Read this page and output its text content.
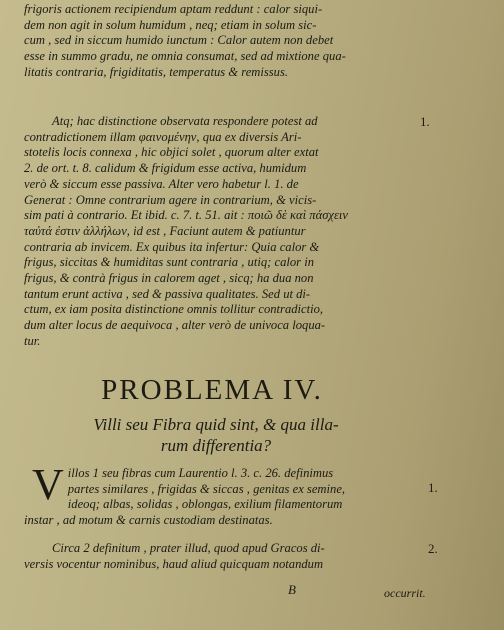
frigoris actionem recipiendum aptam reddunt : calor siqui-
dem non agit in solum humidum , neq; etiam in solum sic-
cum , sed in siccum humido iunctum : Calor autem non debet
esse in summo gradu, ne omnia consumat, sed ad mixtione qua-
litatis contraria, frigiditatis, temperatus & remissus.
Atq; hac distinctione observata respondere potest ad
contradictionem illam φαινομένην, qua ex diversis Ari-
stotelis locis connexa , hic objici solet , quorum alter extat
2. de ort. t. 8. calidum & frigidum esse activa, humidum
verò & siccum esse passiva. Alter vero habetur l. 1. de
Generat : Omne contrarium agere in contrarium, & vicis-
sim pati à contrario. Et ibid. c. 7. t. 51. ait : ποιῶ δὲ καὶ πάσχειν
ταὐτά ἐστιν ἀλλήλων, id est , Faciunt autem & patiuntur
contraria ab invicem. Ex quibus ita infertur: Quia calor &
frigus, siccitas & humiditas sunt contraria , utiq; calor in
frigus, & contrà frigus in calorem aget , sicq; ha dua non
tantum erunt activa , sed & passiva qualitates. Sed ut di-
ctum, ex iam posita distinctione omnis tollitur contradictio,
dum alter locus de aequivoca , alter verò de univoca loqua-
tur.
1.
PROBLEMA IV.
Villi seu Fibra quid sint, & qua illa-
rum differentia?
V illos 1 seu fibras cum Laurentio l. 3. c. 26. definimus
partes similares , frigidas & siccas , genitas ex semine,
ideoq; albas, solidas , oblongas, exilium filamentorum
instar , ad motum & carnis custodiam destinatas.
1.
Circa 2 definitum , prater illud, quod apud Gracos di-
versis vocentur nominibus, haud aliud quicquam notandum
2.
B	occurrit.
